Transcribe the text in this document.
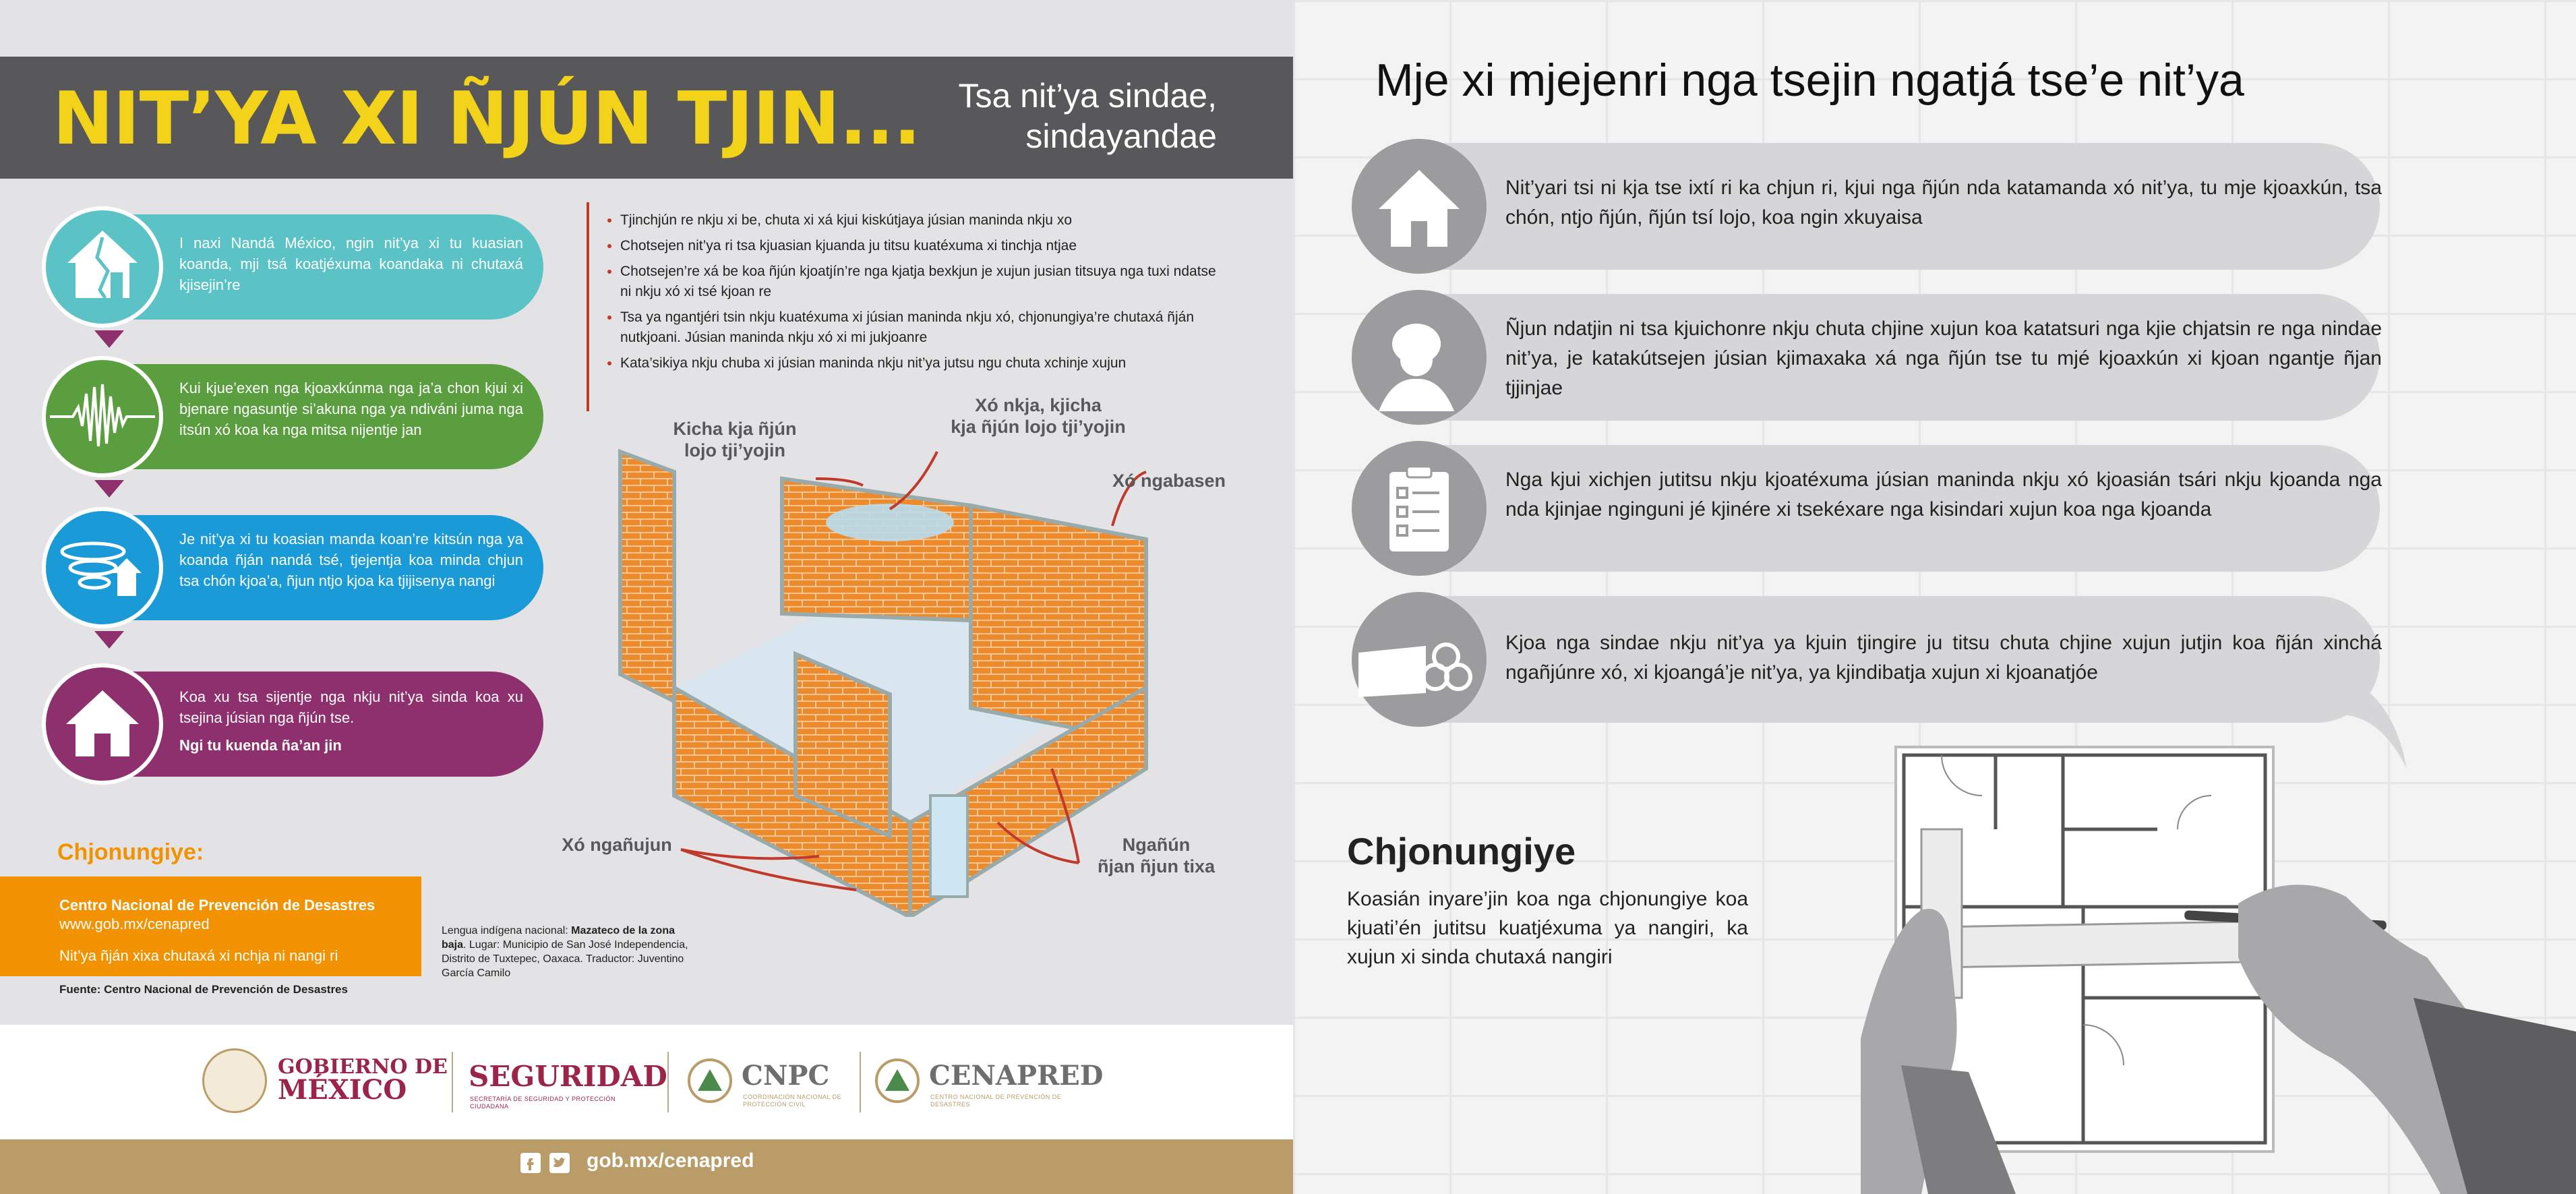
NIT’YA XI ÑJÚN TJIN...	Tsa nit’ya sindae,
sindayandae
I naxi Nandá México, ngin nit’ya xi tu kuasian koanda, mji tsá koatjéxuma koandaka ni chutaxá kjisejin’re
Kui kjue’exen nga kjoaxkúnma nga ja’a chon kjui xi bjenare ngasuntje si’akuna nga ya ndiváni juma nga itsún xó koa ka nga mitsa nijentje jan
Je nit’ya xi tu koasian manda koan’re kitsún nga ya koanda ñján nandá tsé, tjejentja koa minda chjun tsa chón kjoa’a, ñjun ntjo kjoa ka tjijisenya nangi
Koa xu tsa sijentje nga nkju nit’ya sinda koa xu tsejina júsian nga ñjún tse.
Ngi tu kuenda ña’an jin
• Tjinchjún re nkju xi be, chuta xi xá kjui kiskútjaya júsian maninda nkju xo
• Chotsejen nit’ya ri tsa kjuasian kjuanda ju titsu kuatéxuma xi tinchja ntjae
• Chotsejen’re xá be koa ñjún kjoatjín’re nga kjatja bexkjun je xujun jusian titsuya nga tuxi ndatse ni nkju xó xi tsé kjoan re
• Tsa ya ngantjéri tsin nkju kuatéxuma xi júsian maninda nkju xó, chjonungiya’re chutaxá ñján nutkjoani. Júsian maninda nkju xó xi mi jukjoanre
• Kata’sikiya nkju chuba xi júsian maninda nkju nit’ya jutsu ngu chuta xchinje xujun
Kicha kja ñjún
lojo tji’yojin
Xó nkja, kjicha
kja ñjún lojo tji’yojin
Xó ngabasen
Xó ngañujun	Ngañún
ñjan ñjun tixa
Chjonungiye:
Centro Nacional de Prevención de Desastres
www.gob.mx/cenapred
Nit’ya ñján xixa chutaxá xi nchja ni nangi ri
Fuente: Centro Nacional de Prevención de Desastres
Lengua indígena nacional: Mazateco de la zona baja. Lugar: Municipio de San José Independencia, Distrito de Tuxtepec, Oaxaca. Traductor: Juventino García Camilo
GOBIERNO DE
MÉXICO	SEGURIDAD
SECRETARÍA DE SEGURIDAD Y PROTECCIÓN CIUDADANA
CNPC
COORDINACIÓN NACIONAL DE PROTECCIÓN CIVIL
CENAPRED
CENTRO NACIONAL DE PREVENCIÓN DE DESASTRES
gob.mx/cenapred
Mje xi mjejenri nga tsejin ngatjá tse’e nit’ya
Nit’yari tsi ni kja tse ixtí ri ka chjun ri, kjui nga ñjún nda katamanda xó nit’ya, tu mje kjoaxkún, tsa chón, ntjo ñjún, ñjún tsí lojo, koa ngin xkuyaisa
Ñjun ndatjin ni tsa kjuichonre nkju chuta chjine xujun koa katatsuri nga kjie chjatsin re nga nindae nit’ya, je katakútsejen júsian kjimaxaka xá nga ñjún tse tu mjé kjoaxkún xi kjoan ngantje ñjan tjjinjae
Nga kjui xichjen jutitsu nkju kjoatéxuma júsian maninda nkju xó kjoasián tsári nkju kjoanda nga nda kjinjae nginguni jé kjinére xi tsekéxare nga kisindari xujun koa nga kjoanda
Kjoa nga sindae nkju nit’ya ya kjuin tjingire ju titsu chuta chjine xujun jutjin koa ñján xinchá ngañjúnre xó, xi kjoangá’je nit’ya, ya kjindibatja xujun xi kjoanatjóe
Chjonungiye
Koasián inyare’jin koa nga chjonungiye koa kjuati’én jutitsu kuatjéxuma ya nangiri, ka xujun xi sinda chutaxá nangiri
